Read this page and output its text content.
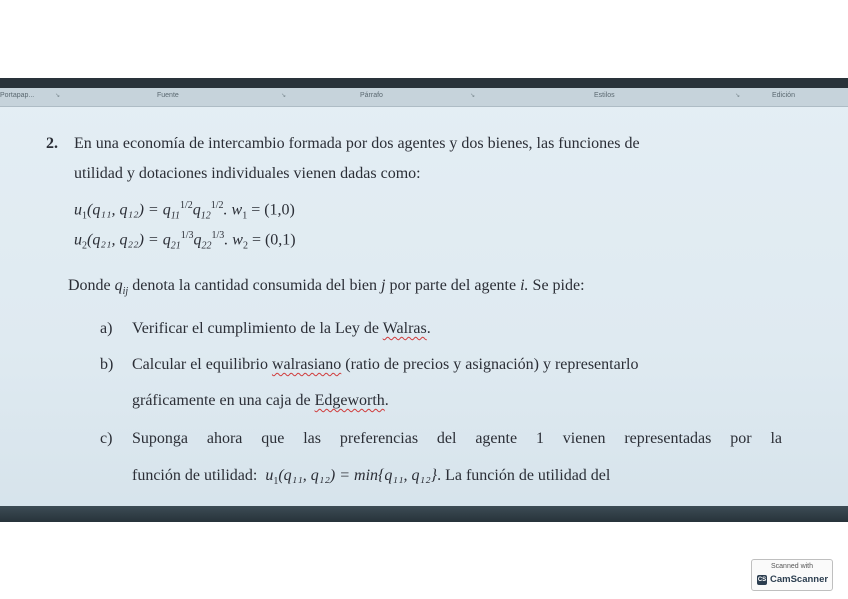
Portapap...	↘	Fuente	↘	Párrafo	↘	Estilos	↘	Edición
2. En una economía de intercambio formada por dos agentes y dos bienes, las funciones de
utilidad y dotaciones individuales vienen dadas como:
$u_1(q_{11}$, $q_{12}) = q_{11}^{1/2}q_{12}^{1/2}$. $w_1 = (1,0)$
$u_2(q_{21}$, $q_{22}) = q_{21}^{1/3}q_{22}^{1/3}$. $w_2 = (0,1)$
Donde $q_{ij}$ denota la cantidad consumida del bien j por parte del agente i. Se pide:
a) Verificar el cumplimiento de la Ley de Walras.
b) Calcular el equilibrio walrasiano (ratio de precios y asignación) y representarlo
gráficamente en una caja de Edgeworth.
c) Suponga ahora que las preferencias del agente 1 vienen representadas por la
función de utilidad: $u_1(q_{11}$, q₁₂) = min{q₁₁, q₁₂}. La función de utilidad del
Scanned with
CS CamScanner
